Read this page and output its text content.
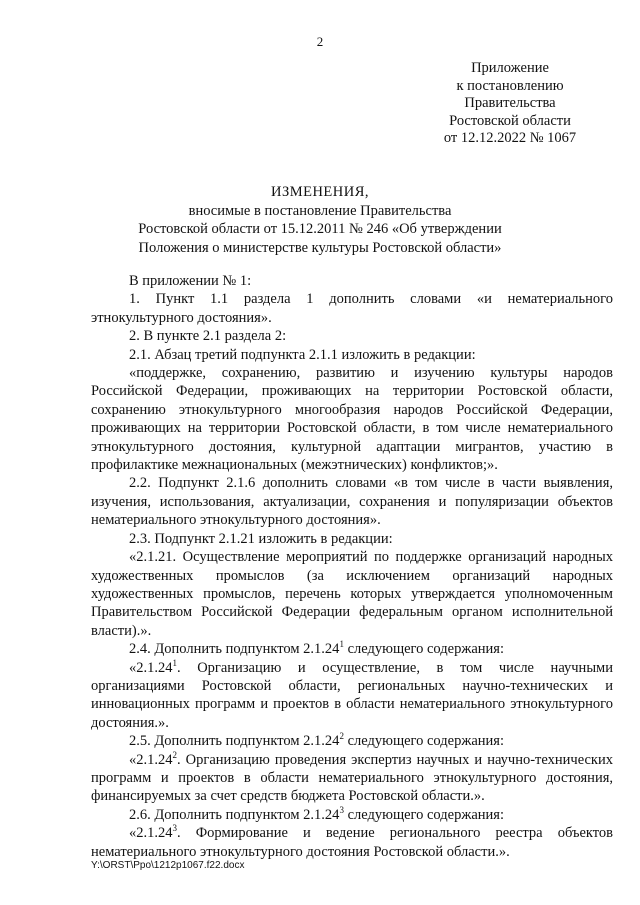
2
Приложение
к постановлению
Правительства
Ростовской области
от 12.12.2022 № 1067
ИЗМЕНЕНИЯ,
вносимые в постановление Правительства
Ростовской области от 15.12.2011 № 246 «Об утверждении
Положения о министерстве культуры Ростовской области»

В приложении № 1:

1. Пункт 1.1 раздела 1 дополнить словами «и нематериального этнокультурного достояния».

2. В пункте 2.1 раздела 2:

2.1. Абзац третий подпункта 2.1.1 изложить в редакции:

«поддержке, сохранению, развитию и изучению культуры народов Российской Федерации, проживающих на территории Ростовской области, сохранению этнокультурного многообразия народов Российской Федерации, проживающих на территории Ростовской области, в том числе нематериального этнокультурного достояния, культурной адаптации мигрантов, участию в профилактике межнациональных (межэтнических) конфликтов;».

2.2. Подпункт 2.1.6 дополнить словами «в том числе в части выявления, изучения, использования, актуализации, сохранения и популяризации объектов нематериального этнокультурного достояния».

2.3. Подпункт 2.1.21 изложить в редакции:

«2.1.21. Осуществление мероприятий по поддержке организаций народных художественных промыслов (за исключением организаций народных художественных промыслов, перечень которых утверждается уполномоченным Правительством Российской Федерации федеральным органом исполнительной власти).».

2.4. Дополнить подпунктом 2.1.24$^1$ следующего содержания:

«2.1.24$^1$. Организацию и осуществление, в том числе научными организациями Ростовской области, региональных научно-технических и инновационных программ и проектов в области нематериального этнокультурного достояния.».

2.5. Дополнить подпунктом 2.1.24$^2$ следующего содержания:

«2.1.24$^2$. Организацию проведения экспертиз научных и научно-технических программ и проектов в области нематериального этнокультурного достояния, финансируемых за счет средств бюджета Ростовской области.».

2.6. Дополнить подпунктом 2.1.24$^3$ следующего содержания:

«2.1.24$^3$. Формирование и ведение регионального реестра объектов нематериального этнокультурного достояния Ростовской области.».

Y:\ORST\Ppo\1212p1067.f22.docx
